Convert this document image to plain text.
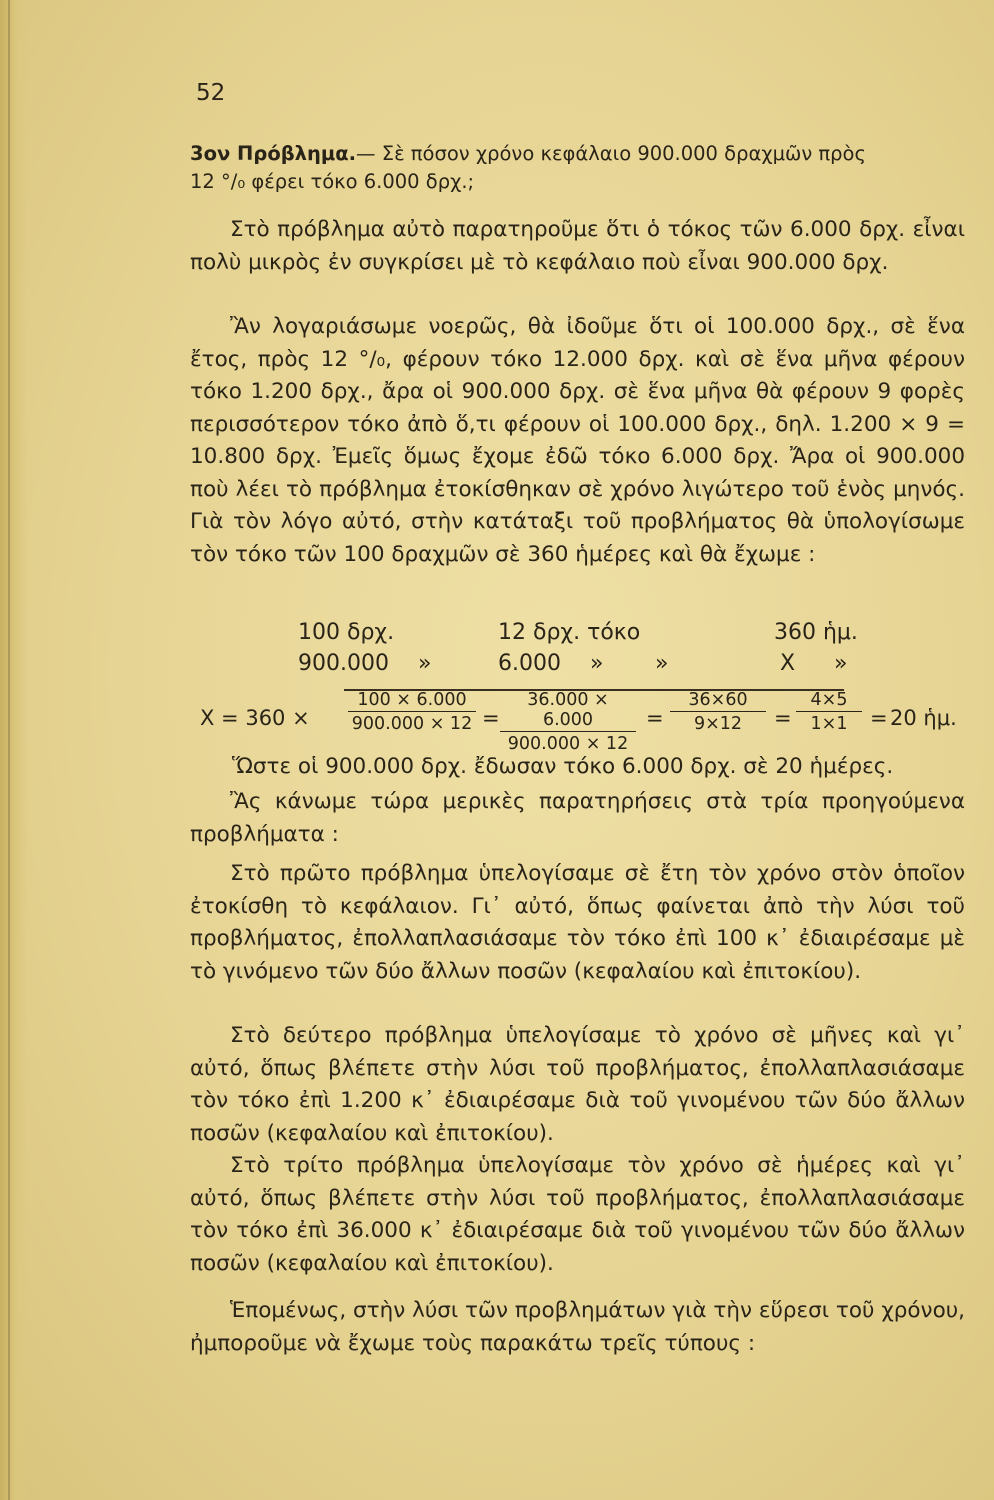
52
3ον Πρόβλημα.— Σὲ πόσον χρόνο κεφάλαιο 900.000 δραχμῶν πρὸς
12 °/₀ φέρει τόκο 6.000 δρχ.;
Στὸ πρόβλημα αὐτὸ παρατηροῦμε ὅτι ὁ τόκος τῶν 6.000 δρχ. εἶναι πολὺ μικρὸς ἐν συγκρίσει μὲ τὸ κεφάλαιο ποὺ εἶναι 900.000 δρχ.
Ἂν λογαριάσωμε νοερῶς, θὰ ἰδοῦμε ὅτι οἱ 100.000 δρχ., σὲ ἕνα ἔτος, πρὸς 12 °/₀, φέρουν τόκο 12.000 δρχ. καὶ σὲ ἕνα μῆνα φέρουν τόκο 1.200 δρχ., ἄρα οἱ 900.000 δρχ. σὲ ἕνα μῆνα θὰ φέρουν 9 φορὲς περισσότερον τόκο ἀπὸ ὅ,τι φέρουν οἱ 100.000 δρχ., δηλ. 1.200 × 9 = 10.800 δρχ. Ἐμεῖς ὅμως ἔχομε ἐδῶ τόκο 6.000 δρχ. Ἄρα οἱ 900.000 ποὺ λέει τὸ πρόβλημα ἐτοκίσθηκαν σὲ χρόνο λιγώτερο τοῦ ἑνὸς μηνός. Γιὰ τὸν λόγο αὐτό, στὴν κατάταξι τοῦ προβλήματος θὰ ὑπολογίσωμε τὸν τόκο τῶν 100 δραχμῶν σὲ 360 ἡμέρες καὶ θὰ ἔχωμε :
100 δρχ.	12 δρχ. τόκο	360 ἡμ.
900.000 »	6.000 » »	X »
$X = 360 \times \frac{100 \times 6.000}{900.000 \times 12} = \frac{36.000 \times 6.000}{900.000 \times 12} = \frac{36\times 60}{9\times 12} = \frac{4\times 5}{1\times 1} = 20$ ἡμ.
Ὥστε οἱ 900.000 δρχ. ἔδωσαν τόκο 6.000 δρχ. σὲ 20 ἡμέρες.
Ἂς κάνωμε τώρα μερικὲς παρατηρήσεις στὰ τρία προηγούμενα προβλήματα :
Στὸ πρῶτο πρόβλημα ὑπελογίσαμε σὲ ἔτη τὸν χρόνο στὸν ὁποῖον ἐτοκίσθη τὸ κεφάλαιον. Γι᾿ αὐτό, ὅπως φαίνεται ἀπὸ τὴν λύσι τοῦ προβλήματος, ἐπολλαπλασιάσαμε τὸν τόκο ἐπὶ 100 κ᾿ ἐδιαιρέσαμε μὲ τὸ γινόμενο τῶν δύο ἄλλων ποσῶν (κεφαλαίου καὶ ἐπιτοκίου).
Στὸ δεύτερο πρόβλημα ὑπελογίσαμε τὸ χρόνο σὲ μῆνες καὶ γι᾿ αὐτό, ὅπως βλέπετε στὴν λύσι τοῦ προβλήματος, ἐπολλαπλασιάσαμε τὸν τόκο ἐπὶ 1.200 κ᾿ ἐδιαιρέσαμε διὰ τοῦ γινομένου τῶν δύο ἄλλων ποσῶν (κεφαλαίου καὶ ἐπιτοκίου).
Στὸ τρίτο πρόβλημα ὑπελογίσαμε τὸν χρόνο σὲ ἡμέρες καὶ γι᾿ αὐτό, ὅπως βλέπετε στὴν λύσι τοῦ προβλήματος, ἐπολλαπλασιάσαμε τὸν τόκο ἐπὶ 36.000 κ᾿ ἐδιαιρέσαμε διὰ τοῦ γινομένου τῶν δύο ἄλλων ποσῶν (κεφαλαίου καὶ ἐπιτοκίου).
Ἑπομένως, στὴν λύσι τῶν προβλημάτων γιὰ τὴν εὕρεσι τοῦ χρόνου, ἠμποροῦμε νὰ ἔχωμε τοὺς παρακάτω τρεῖς τύπους :
